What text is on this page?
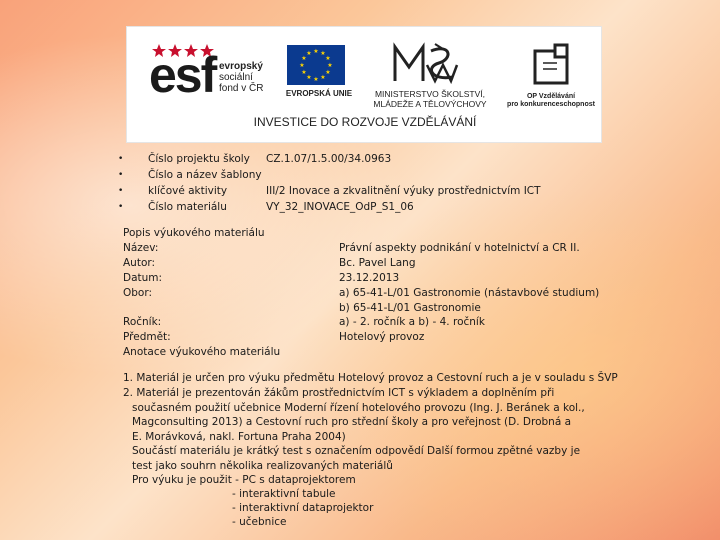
esf evropský
sociální
fond v ČR
★ ★
★
★
★
★
★
★
★
★
★
★
EVROPSKÁ UNIE	MINISTERSTVO ŠKOLSTVÍ,
MLÁDEŽE A TĚLOVÝCHOVY
OP Vzdělávání
pro konkurenceschopnost
INVESTICE DO ROZVOJE VZDĚLÁVÁNÍ
• Číslo projektu školy CZ.1.07/1.5.00/34.0963
• Číslo a název šablony
• klíčové aktivity	III/2 Inovace a zkvalitnění výuky prostřednictvím ICT
• Číslo materiálu	VY_32_INOVACE_OdP_S1_06
Popis výukového materiálu
Název:	Právní aspekty podnikání v hotelnictví a CR II.
Autor:	Bc. Pavel Lang
Datum:	23.12.2013
Obor:	a) 65-41-L/01 Gastronomie (nástavbové studium)
b) 65-41-L/01 Gastronomie
Ročník:	a) - 2. ročník a b) - 4. ročník
Předmět:	Hotelový provoz
Anotace výukového materiálu
1. Materiál je určen pro výuku předmětu Hotelový provoz a Cestovní ruch a je v souladu s ŠVP
2. Materiál je prezentován žákům prostřednictvím ICT s výkladem a doplněním při
současném použití učebnice Moderní řízení hotelového provozu (Ing. J. Beránek a kol.,
Magconsulting 2013) a Cestovní ruch pro střední školy a pro veřejnost (D. Drobná a
E. Morávková, nakl. Fortuna Praha 2004)
Součástí materiálu je krátký test s označením odpovědí Další formou zpětné vazby je
test jako souhrn několika realizovaných materiálů
Pro výuku je použit - PC s dataprojektorem
- interaktivní tabule
- interaktivní dataprojektor
- učebnice
